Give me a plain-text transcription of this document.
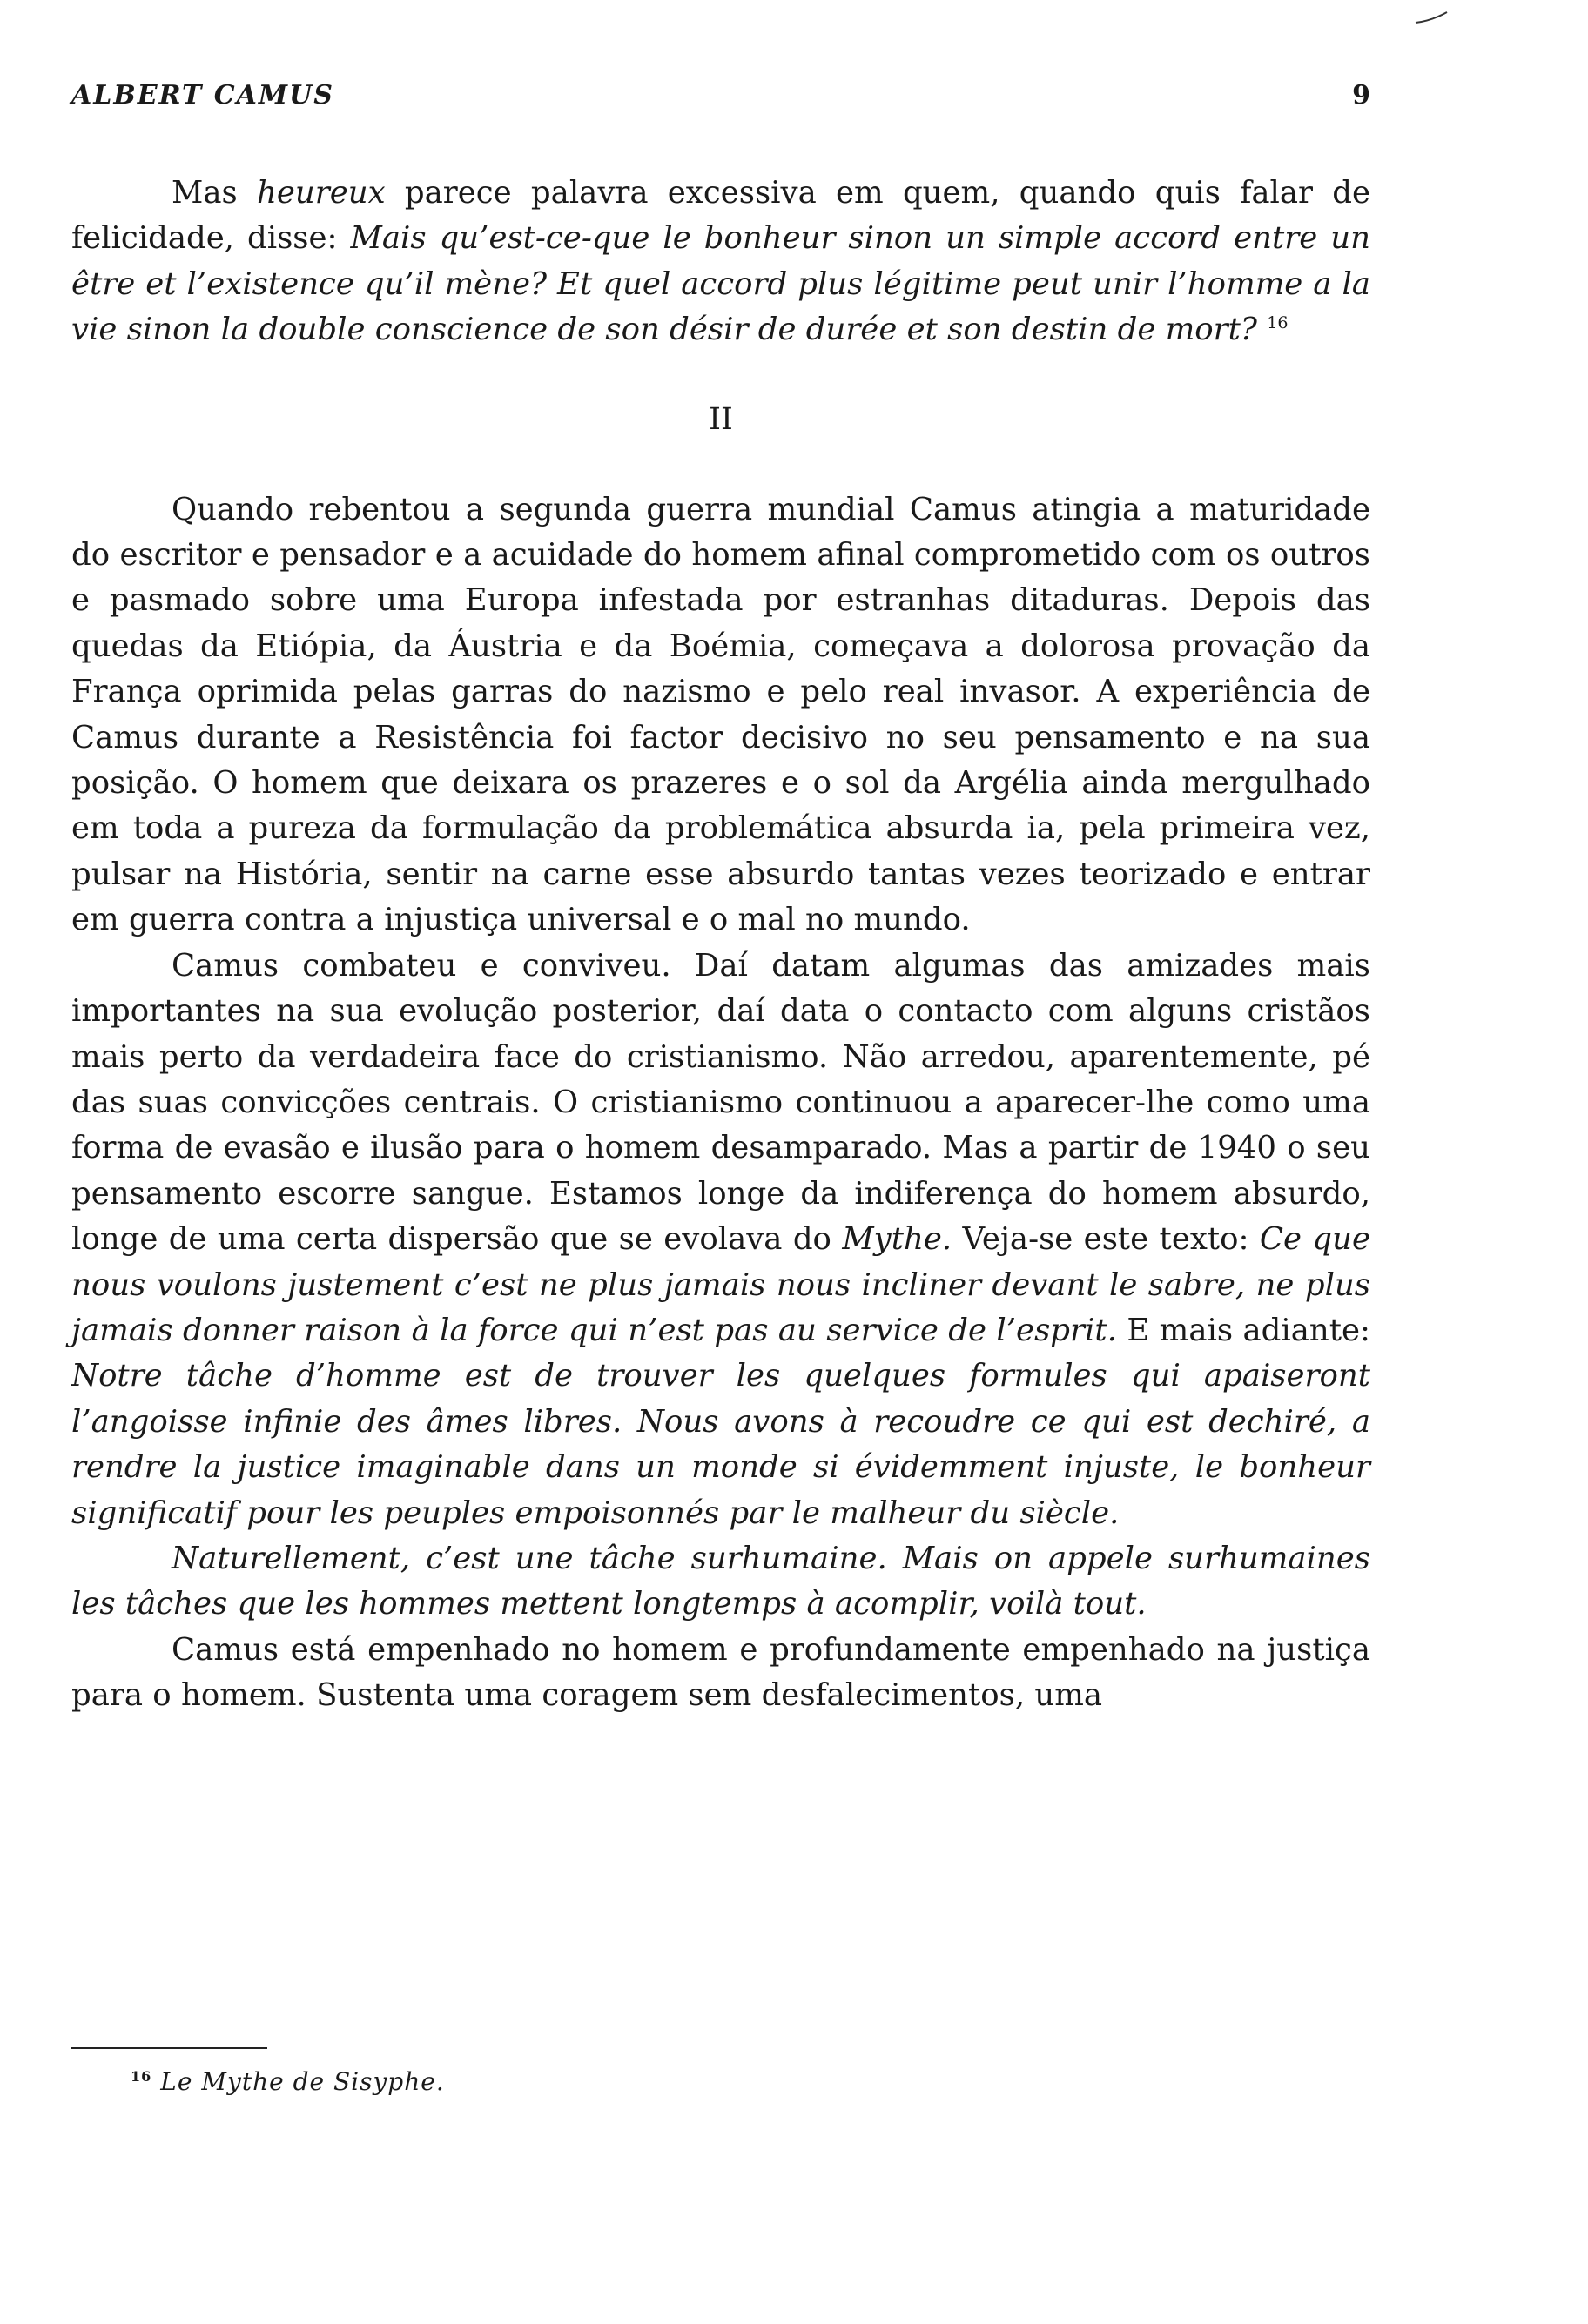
ALBERT CAMUS	9

Mas heureux parece palavra excessiva em quem, quando quis falar de felicidade, disse: Mais qu’est-ce-que le bonheur sinon un simple accord entre un être et l’existence qu’il mène? Et quel accord plus légitime peut unir l’homme a la vie sinon la double conscience de son désir de durée et son destin de mort? $^{16}$

II

Quando rebentou a segunda guerra mundial Camus atingia a maturidade do escritor e pensador e a acuidade do homem afinal comprometido com os outros e pasmado sobre uma Europa infestada por estranhas ditaduras. Depois das quedas da Etiópia, da Áustria e da Boémia, começava a dolorosa provação da França oprimida pelas garras do nazismo e pelo real invasor. A experiência de Camus durante a Resistência foi factor decisivo no seu pensamento e na sua posição. O homem que deixara os prazeres e o sol da Argélia ainda mergulhado em toda a pureza da formulação da problemática absurda ia, pela primeira vez, pulsar na História, sentir na carne esse absurdo tantas vezes teorizado e entrar em guerra contra a injustiça universal e o mal no mundo.

Camus combateu e conviveu. Daí datam algumas das amizades mais importantes na sua evolução posterior, daí data o contacto com alguns cristãos mais perto da verdadeira face do cristianismo. Não arredou, aparentemente, pé das suas convicções centrais. O cristianismo continuou a aparecer-lhe como uma forma de evasão e ilusão para o homem desamparado. Mas a partir de 1940 o seu pensamento escorre sangue. Estamos longe da indiferença do homem absurdo, longe de uma certa dispersão que se evolava do Mythe. Veja-se este texto: Ce que nous voulons justement c’est ne plus jamais nous incliner devant le sabre, ne plus jamais donner raison à la force qui n’est pas au service de l’esprit. E mais adiante: Notre tâche d’homme est de trouver les quelques formules qui apaiseront l’angoisse infinie des âmes libres. Nous avons à recoudre ce qui est dechiré, a rendre la justice imaginable dans un monde si évidemment injuste, le bonheur significatif pour les peuples empoisonnés par le malheur du siècle.

Naturellement, c’est une tâche surhumaine. Mais on appele surhumaines les tâches que les hommes mettent longtemps à acomplir, voilà tout.

Camus está empenhado no homem e profundamente empenhado na justiça para o homem. Sustenta uma coragem sem desfalecimentos, uma

$^{16}$ Le Mythe de Sisyphe.
